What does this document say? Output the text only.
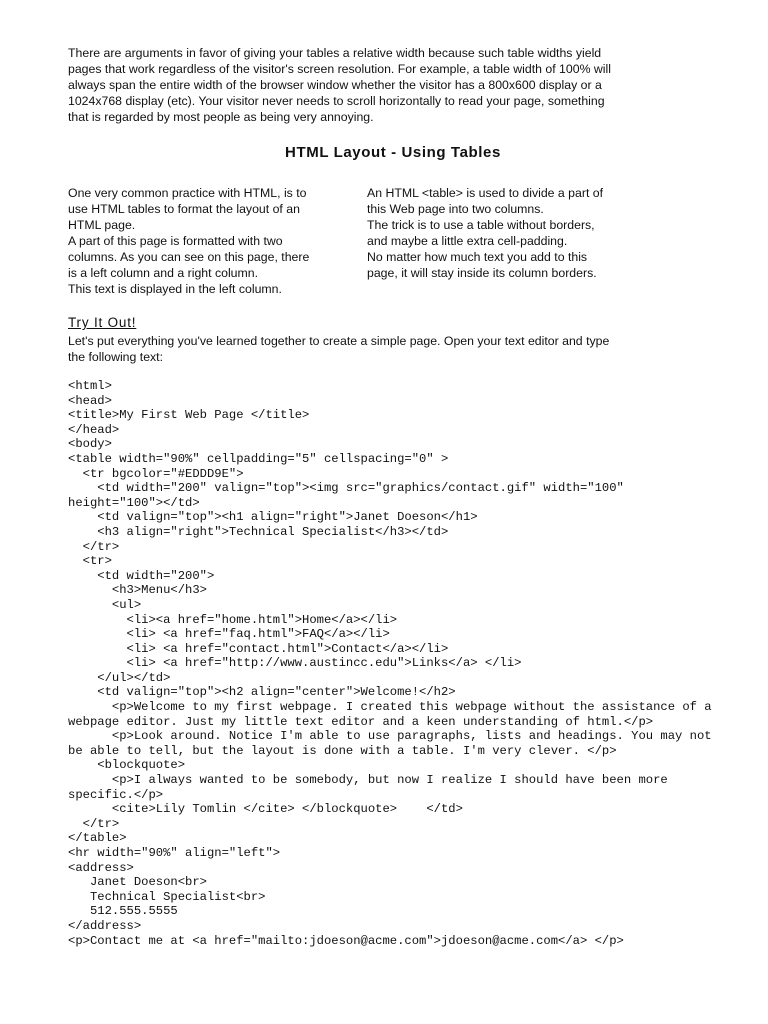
There are arguments in favor of giving your tables a relative width because such table widths yield
pages that work regardless of the visitor's screen resolution. For example, a table width of 100% will
always span the entire width of the browser window whether the visitor has a 800x600 display or a
1024x768 display (etc). Your visitor never needs to scroll horizontally to read your page, something
that is regarded by most people as being very annoying.

HTML Layout - Using Tables
One very common practice with HTML, is to
use HTML tables to format the layout of an
HTML page.
A part of this page is formatted with two
columns. As you can see on this page, there
is a left column and a right column.
This text is displayed in the left column.
An HTML <table> is used to divide a part of
this Web page into two columns.
The trick is to use a table without borders,
and maybe a little extra cell-padding.
No matter how much text you add to this
page, it will stay inside its column borders.
Try It Out!
Let's put everything you've learned together to create a simple page. Open your text editor and type
the following text:
<html>
<head>
<title>My First Web Page </title>
</head>
<body>
<table width="90%" cellpadding="5" cellspacing="0" >
<tr bgcolor="#EDDD9E">
<td width="200" valign="top"><img src="graphics/contact.gif" width="100"
height="100"></td>
<td valign="top"><h1 align="right">Janet Doeson</h1>
<h3 align="right">Technical Specialist</h3></td>
</tr>
<tr>
<td width="200">
<h3>Menu</h3>
<ul>
<li><a href="home.html">Home</a></li>
<li> <a href="faq.html">FAQ</a></li>
<li> <a href="contact.html">Contact</a></li>
<li> <a href="http://www.austincc.edu">Links</a> </li>
</ul></td>
<td valign="top"><h2 align="center">Welcome!</h2>
<p>Welcome to my first webpage. I created this webpage without the assistance of a
webpage editor. Just my little text editor and a keen understanding of html.</p>
<p>Look around. Notice I'm able to use paragraphs, lists and headings. You may not
be able to tell, but the layout is done with a table. I'm very clever. </p>
<blockquote>
<p>I always wanted to be somebody, but now I realize I should have been more
specific.</p>
<cite>Lily Tomlin </cite> </blockquote>    </td>
</tr>
</table>
<hr width="90%" align="left">
<address>
Janet Doeson<br>
Technical Specialist<br>
512.555.5555
</address>
<p>Contact me at <a href="mailto:jdoeson@acme.com">jdoeson@acme.com</a> </p>
